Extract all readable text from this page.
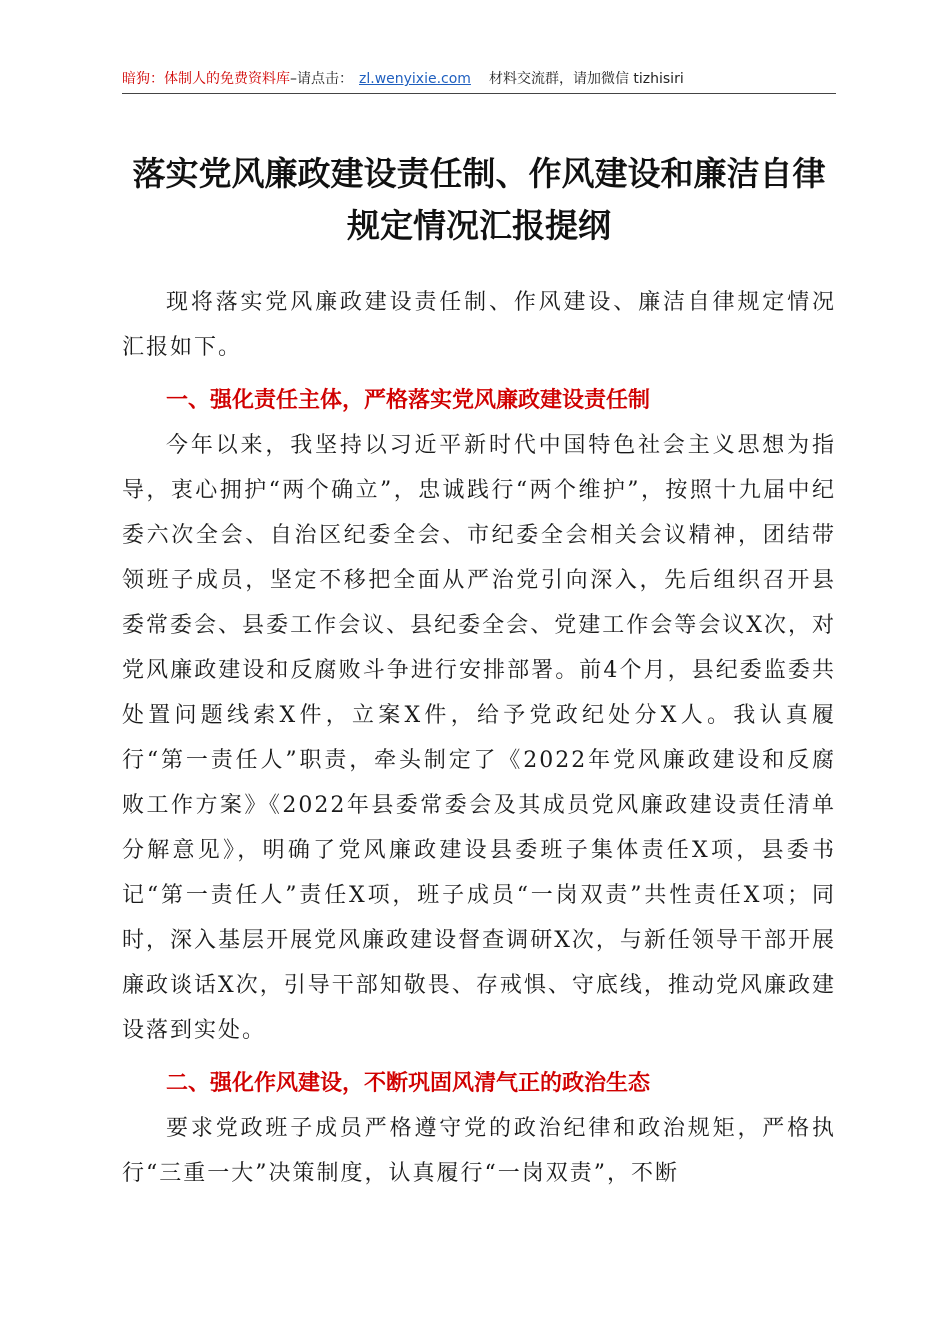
暗狗：体制人的免费资料库–请点击： zl.wenyixie.com 材料交流群，请加微信 tizhisiri
落实党风廉政建设责任制、作风建设和廉洁自律规定情况汇报提纲

现将落实党风廉政建设责任制、作风建设、廉洁自律规定情况汇报如下。

一、强化责任主体，严格落实党风廉政建设责任制

今年以来，我坚持以习近平新时代中国特色社会主义思想为指导，衷心拥护“两个确立”，忠诚践行“两个维护”，按照十九届中纪委六次全会、自治区纪委全会、市纪委全会相关会议精神，团结带领班子成员，坚定不移把全面从严治党引向深入，先后组织召开县委常委会、县委工作会议、县纪委全会、党建工作会等会议X次，对党风廉政建设和反腐败斗争进行安排部署。前4个月，县纪委监委共处置问题线索X件，立案X件，给予党政纪处分X人。我认真履行“第一责任人”职责，牵头制定了《2022年党风廉政建设和反腐败工作方案》《2022年县委常委会及其成员党风廉政建设责任清单分解意见》，明确了党风廉政建设县委班子集体责任X项，县委书记“第一责任人”责任X项，班子成员“一岗双责”共性责任X项；同时，深入基层开展党风廉政建设督查调研X次，与新任领导干部开展廉政谈话X次，引导干部知敬畏、存戒惧、守底线，推动党风廉政建设落到实处。

二、强化作风建设，不断巩固风清气正的政治生态

要求党政班子成员严格遵守党的政治纪律和政治规矩，严格执行“三重一大”决策制度，认真履行“一岗双责”，不断
